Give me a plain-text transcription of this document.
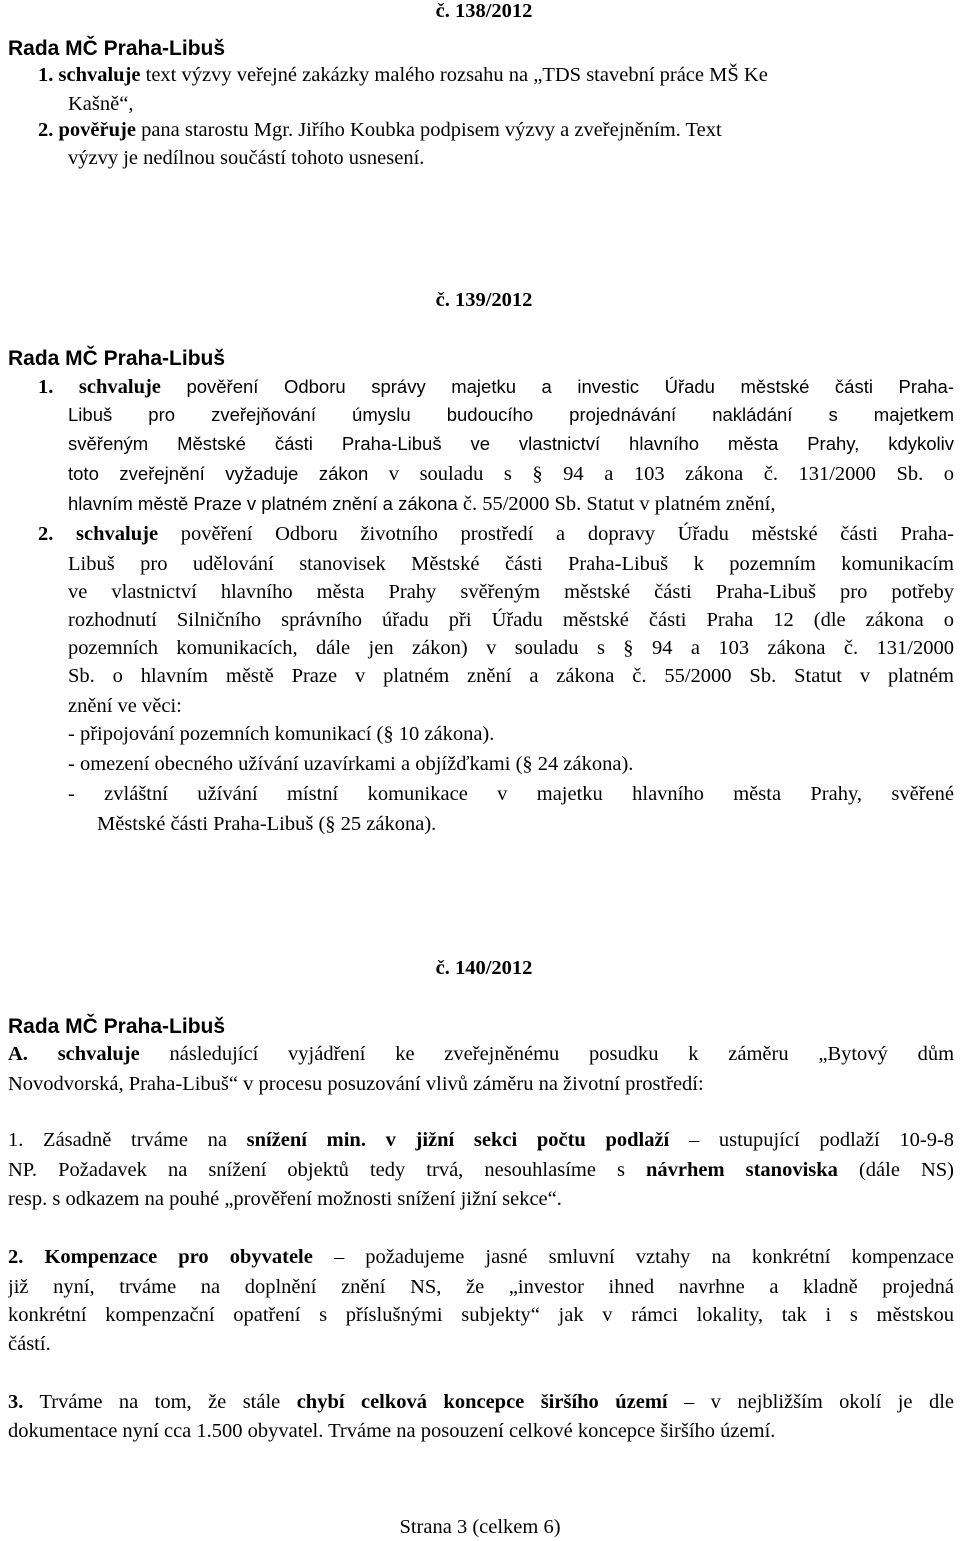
č. 138/2012
Rada MČ Praha-Libuš
1. schvaluje text výzvy veřejné zakázky malého rozsahu na „TDS stavební práce MŠ Ke
Kašně“,
2. pověřuje pana starostu Mgr. Jiřího Koubka podpisem výzvy a zveřejněním. Text
výzvy je nedílnou součástí tohoto usnesení.
č. 139/2012
Rada MČ Praha-Libuš
1. schvaluje pověření Odboru správy majetku a investic Úřadu městské části Praha-
Libuš pro zveřejňování úmyslu budoucího projednávání nakládání s majetkem
svěřeným Městské části Praha-Libuš ve vlastnictví hlavního města Prahy, kdykoliv
toto zveřejnění vyžaduje zákon v souladu s § 94 a 103 zákona č. 131/2000 Sb. o
hlavním městě Praze v platném znění a zákona č. 55/2000 Sb. Statut v platném znění,
2. schvaluje pověření Odboru životního prostředí a dopravy Úřadu městské části Praha-
Libuš pro udělování stanovisek Městské části Praha-Libuš k pozemním komunikacím
ve vlastnictví hlavního města Prahy svěřeným městské části Praha-Libuš pro potřeby
rozhodnutí Silničního správního úřadu při Úřadu městské části Praha 12 (dle zákona o
pozemních komunikacích, dále jen zákon) v souladu s § 94 a 103 zákona č. 131/2000
Sb. o hlavním městě Praze v platném znění a zákona č. 55/2000 Sb. Statut v platném
znění ve věci:
- připojování pozemních komunikací (§ 10 zákona).
- omezení obecného užívání uzavírkami a objížďkami (§ 24 zákona).
- zvláštní užívání místní komunikace v majetku hlavního města Prahy, svěřené
Městské části Praha-Libuš (§ 25 zákona).
č. 140/2012
Rada MČ Praha-Libuš
A. schvaluje následující vyjádření ke zveřejněnému posudku k záměru „Bytový dům
Novodvorská, Praha-Libuš“ v procesu posuzování vlivů záměru na životní prostředí:
1. Zásadně trváme na snížení min. v jižní sekci počtu podlaží – ustupující podlaží 10-9-8
NP. Požadavek na snížení objektů tedy trvá, nesouhlasíme s návrhem stanoviska (dále NS)
resp. s odkazem na pouhé „prověření možnosti snížení jižní sekce“.
2. Kompenzace pro obyvatele – požadujeme jasné smluvní vztahy na konkrétní kompenzace
již nyní, trváme na doplnění znění NS, že „investor ihned navrhne a kladně projedná
konkrétní kompenzační opatření s příslušnými subjekty“ jak v rámci lokality, tak i s městskou
částí.
3. Trváme na tom, že stále chybí celková koncepce širšího území – v nejbližším okolí je dle
dokumentace nyní cca 1.500 obyvatel. Trváme na posouzení celkové koncepce širšího území.
Strana 3 (celkem 6)
